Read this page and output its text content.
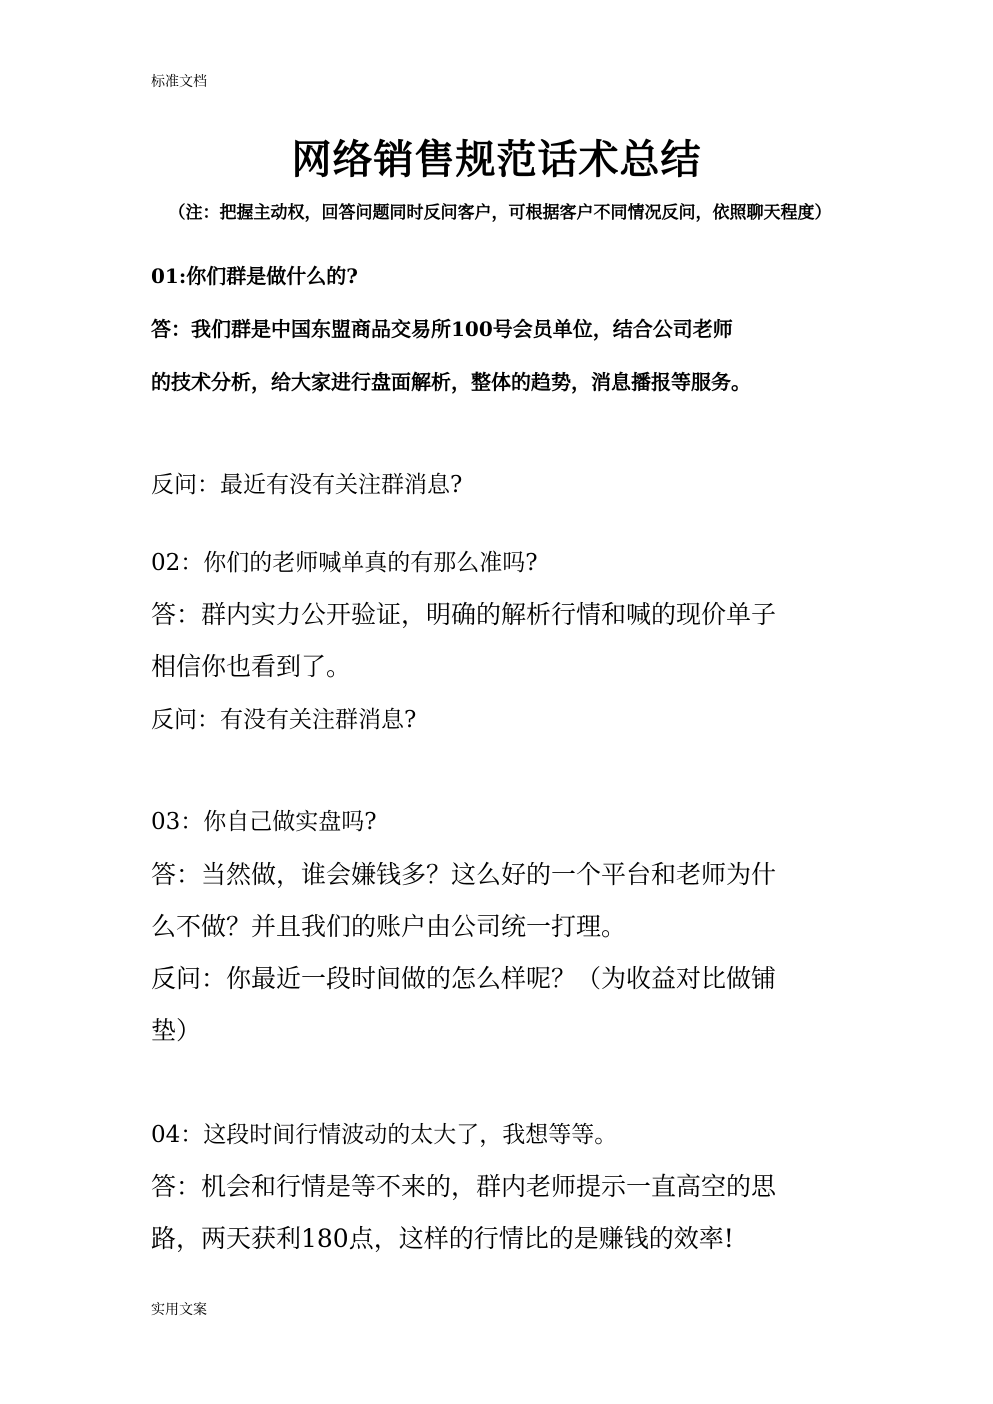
标准文档
网络销售规范话术总结
（注：把握主动权，回答问题同时反问客户，可根据客户不同情况反问，依照聊天程度）
01:你们群是做什么的?
答：我们群是中国东盟商品交易所100号会员单位，结合公司老师
的技术分析，给大家进行盘面解析，整体的趋势，消息播报等服务。
反问：最近有没有关注群消息?
02：你们的老师喊单真的有那么准吗?
答：群内实力公开验证，明确的解析行情和喊的现价单子
相信你也看到了。
反问：有没有关注群消息?
03：你自己做实盘吗?
答：当然做，谁会嫌钱多？这么好的一个平台和老师为什
么不做？并且我们的账户由公司统一打理。
反问：你最近一段时间做的怎么样呢？（为收益对比做铺
垫）
04：这段时间行情波动的太大了，我想等等。
答：机会和行情是等不来的，群内老师提示一直高空的思
路，两天获利180点，这样的行情比的是赚钱的效率!
实用文案
